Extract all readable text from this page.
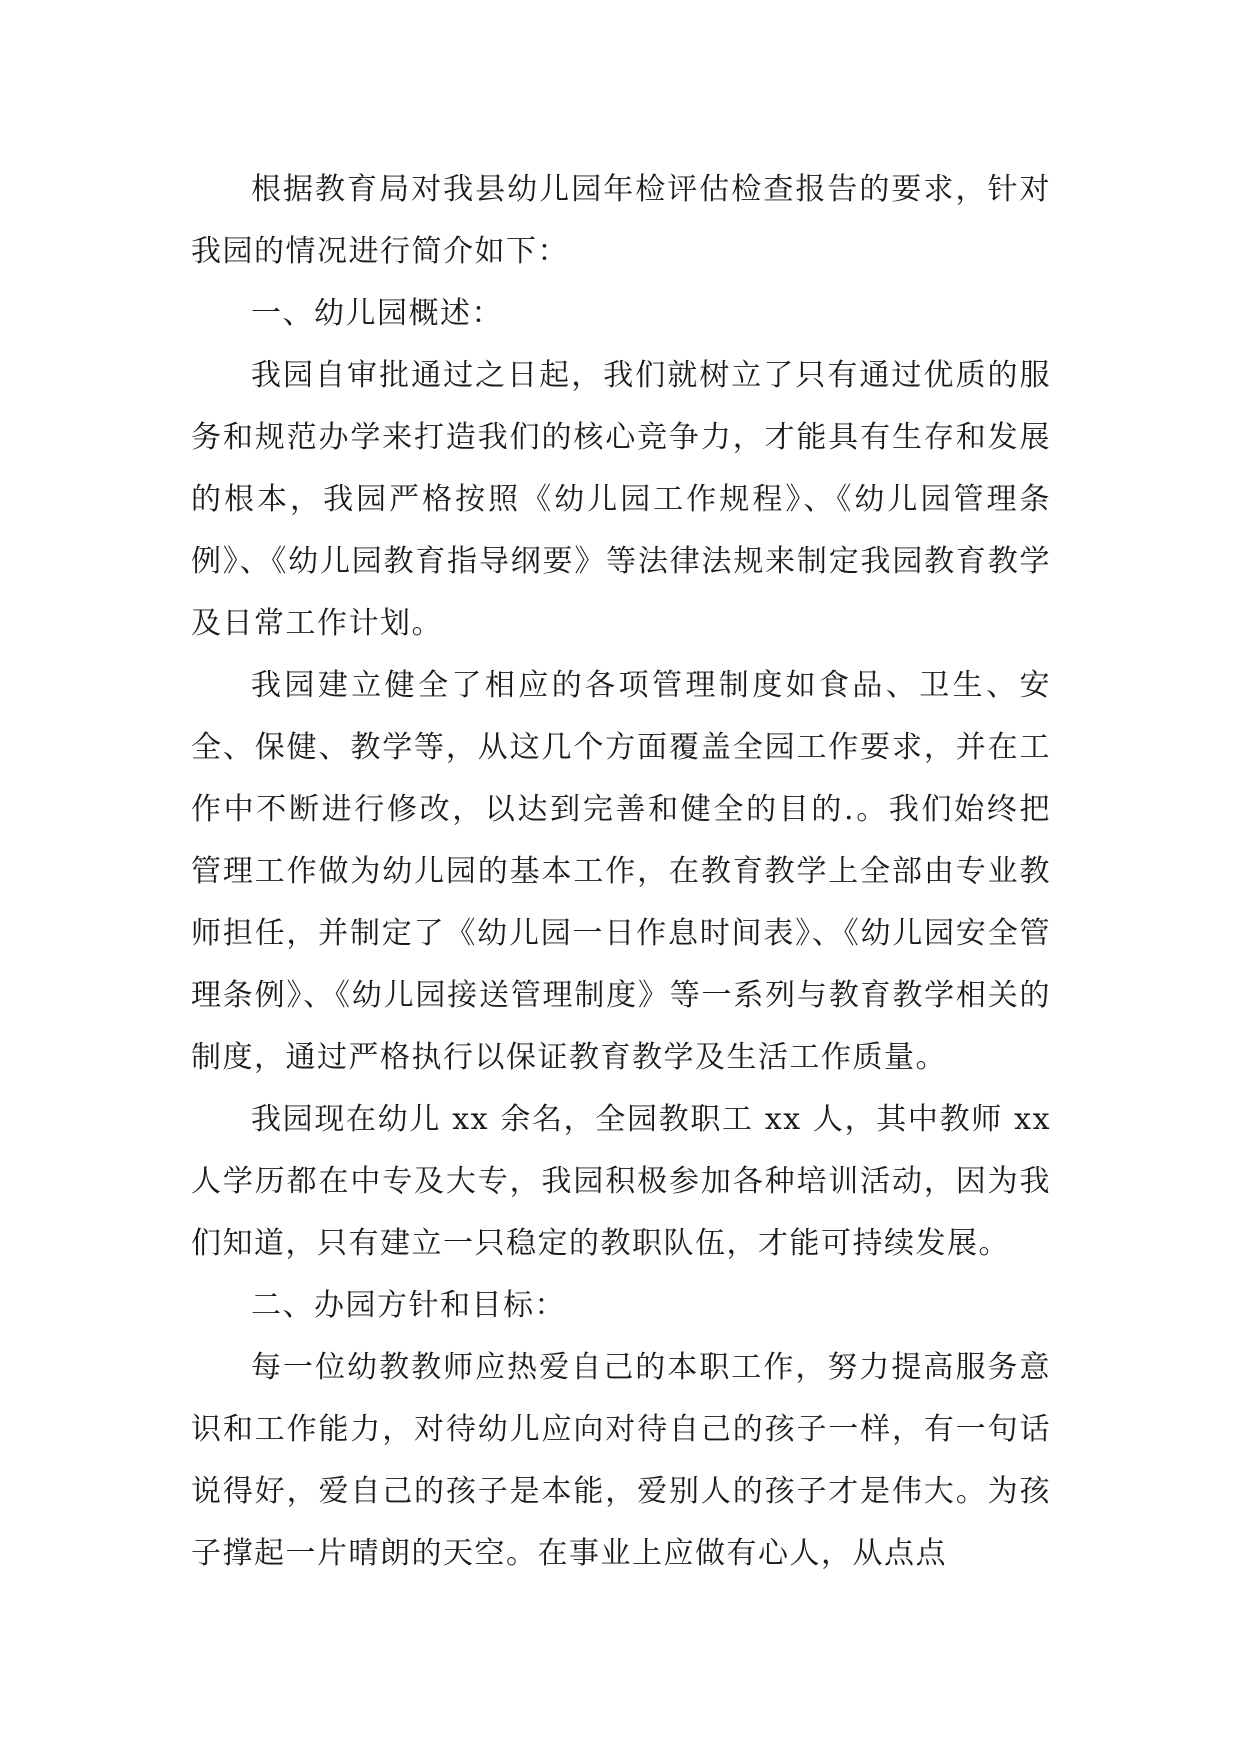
根据教育局对我县幼儿园年检评估检查报告的要求，针对我园的情况进行简介如下：

一、幼儿园概述：

我园自审批通过之日起，我们就树立了只有通过优质的服务和规范办学来打造我们的核心竞争力，才能具有生存和发展的根本，我园严格按照《幼儿园工作规程》、《幼儿园管理条例》、《幼儿园教育指导纲要》等法律法规来制定我园教育教学及日常工作计划。

我园建立健全了相应的各项管理制度如食品、卫生、安全、保健、教学等，从这几个方面覆盖全园工作要求，并在工作中不断进行修改，以达到完善和健全的目的.。我们始终把管理工作做为幼儿园的基本工作，在教育教学上全部由专业教师担任，并制定了《幼儿园一日作息时间表》、《幼儿园安全管理条例》、《幼儿园接送管理制度》等一系列与教育教学相关的制度，通过严格执行以保证教育教学及生活工作质量。

我园现在幼儿 xx 余名，全园教职工 xx 人，其中教师 xx 人学历都在中专及大专，我园积极参加各种培训活动，因为我们知道，只有建立一只稳定的教职队伍，才能可持续发展。

二、办园方针和目标：

每一位幼教教师应热爱自己的本职工作，努力提高服务意识和工作能力，对待幼儿应向对待自己的孩子一样，有一句话说得好，爱自己的孩子是本能，爱别人的孩子才是伟大。为孩子撑起一片晴朗的天空。在事业上应做有心人，从点点
